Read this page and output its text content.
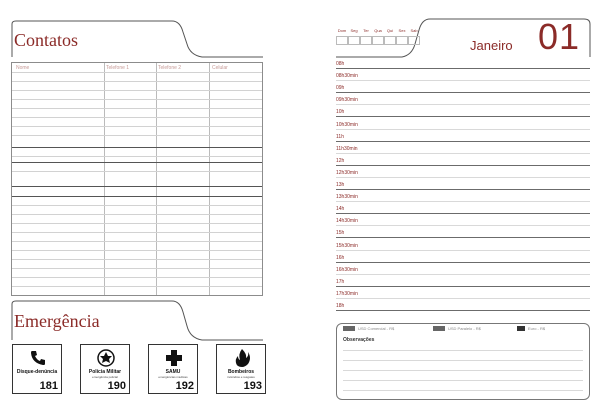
Contatos
Nome	Telefone 1	Telefone 2	Celular
Emergência
Disque-denúncia
181
Polícia Militar
emergência policial
190
SAMU
emergências médicas
192
Bombeiros
incêndios e resgates
193
Dom	Seg	Ter	Qua	Qui	Sex	Sab
Janeiro 01
USD Comercial - R$	USD Paralelo - R$	Euro - R$
Observações
08h
08h30min
09h
09h30min
10h
10h30min
11h
11h30min
12h
12h30min
13h
13h30min
14h
14h30min
15h
15h30min
16h
16h30min
17h
17h30min
18h
